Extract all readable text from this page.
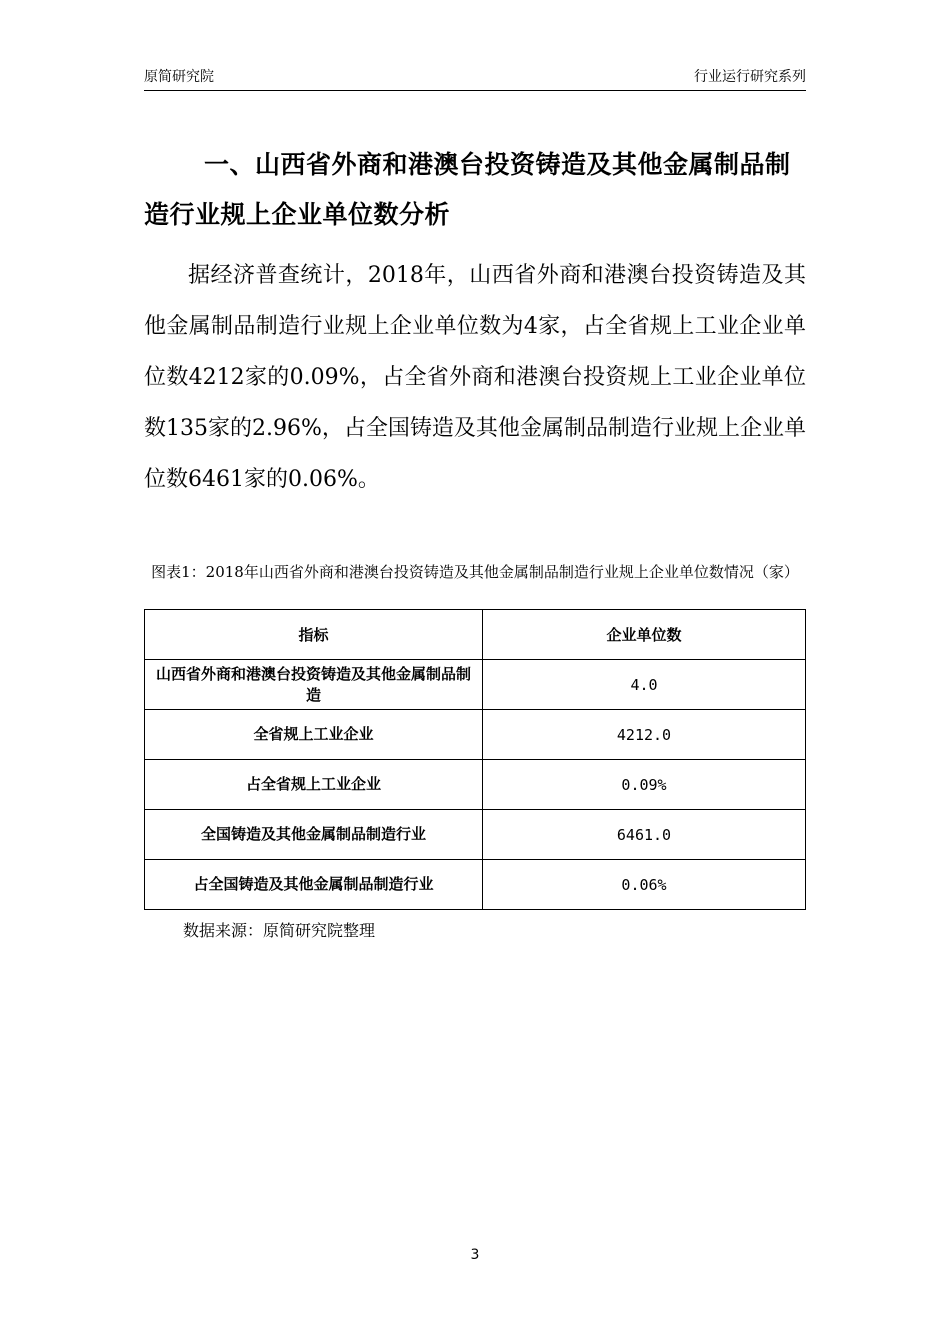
原简研究院	行业运行研究系列
一、山西省外商和港澳台投资铸造及其他金属制品制造行业规上企业单位数分析
据经济普查统计，2018年，山西省外商和港澳台投资铸造及其他金属制品制造行业规上企业单位数为4家，占全省规上工业企业单位数4212家的0.09%，占全省外商和港澳台投资规上工业企业单位数135家的2.96%，占全国铸造及其他金属制品制造行业规上企业单位数6461家的0.06%。
图表1：2018年山西省外商和港澳台投资铸造及其他金属制品制造行业规上企业单位数情况（家）
指标	企业单位数
山西省外商和港澳台投资铸造及其他金属制品制造	4.0
全省规上工业企业	4212.0
占全省规上工业企业	0.09%
全国铸造及其他金属制品制造行业	6461.0
占全国铸造及其他金属制品制造行业	0.06%
数据来源：原简研究院整理
3
